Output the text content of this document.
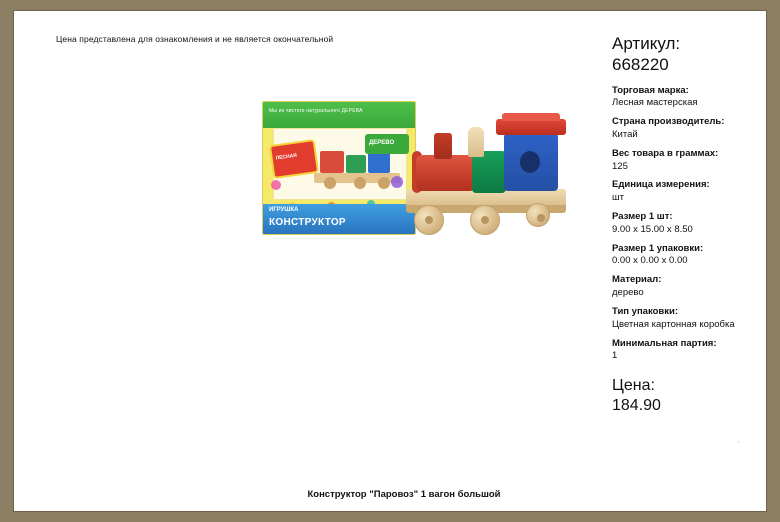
Цена представлена для ознакомления и не является окончательной
Мы из чистого натурального ДЕРЕВА
ЛЕСНАЯ
ДЕРЕВО
ИГРУШКА
КОНСТРУКТОР
Артикул:
668220
Торговая марка:
Лесная мастерская
Страна производитель:
Китай
Вес товара в граммах:
125
Единица измерения:
шт
Размер 1 шт:
9.00 x 15.00 x 8.50
Размер 1 упаковки:
0.00 x 0.00 x 0.00
Материал:
дерево
Тип упаковки:
Цветная картонная коробка
Минимальная партия:
1
Цена:
184.90
'
Конструктор "Паровоз" 1 вагон большой
